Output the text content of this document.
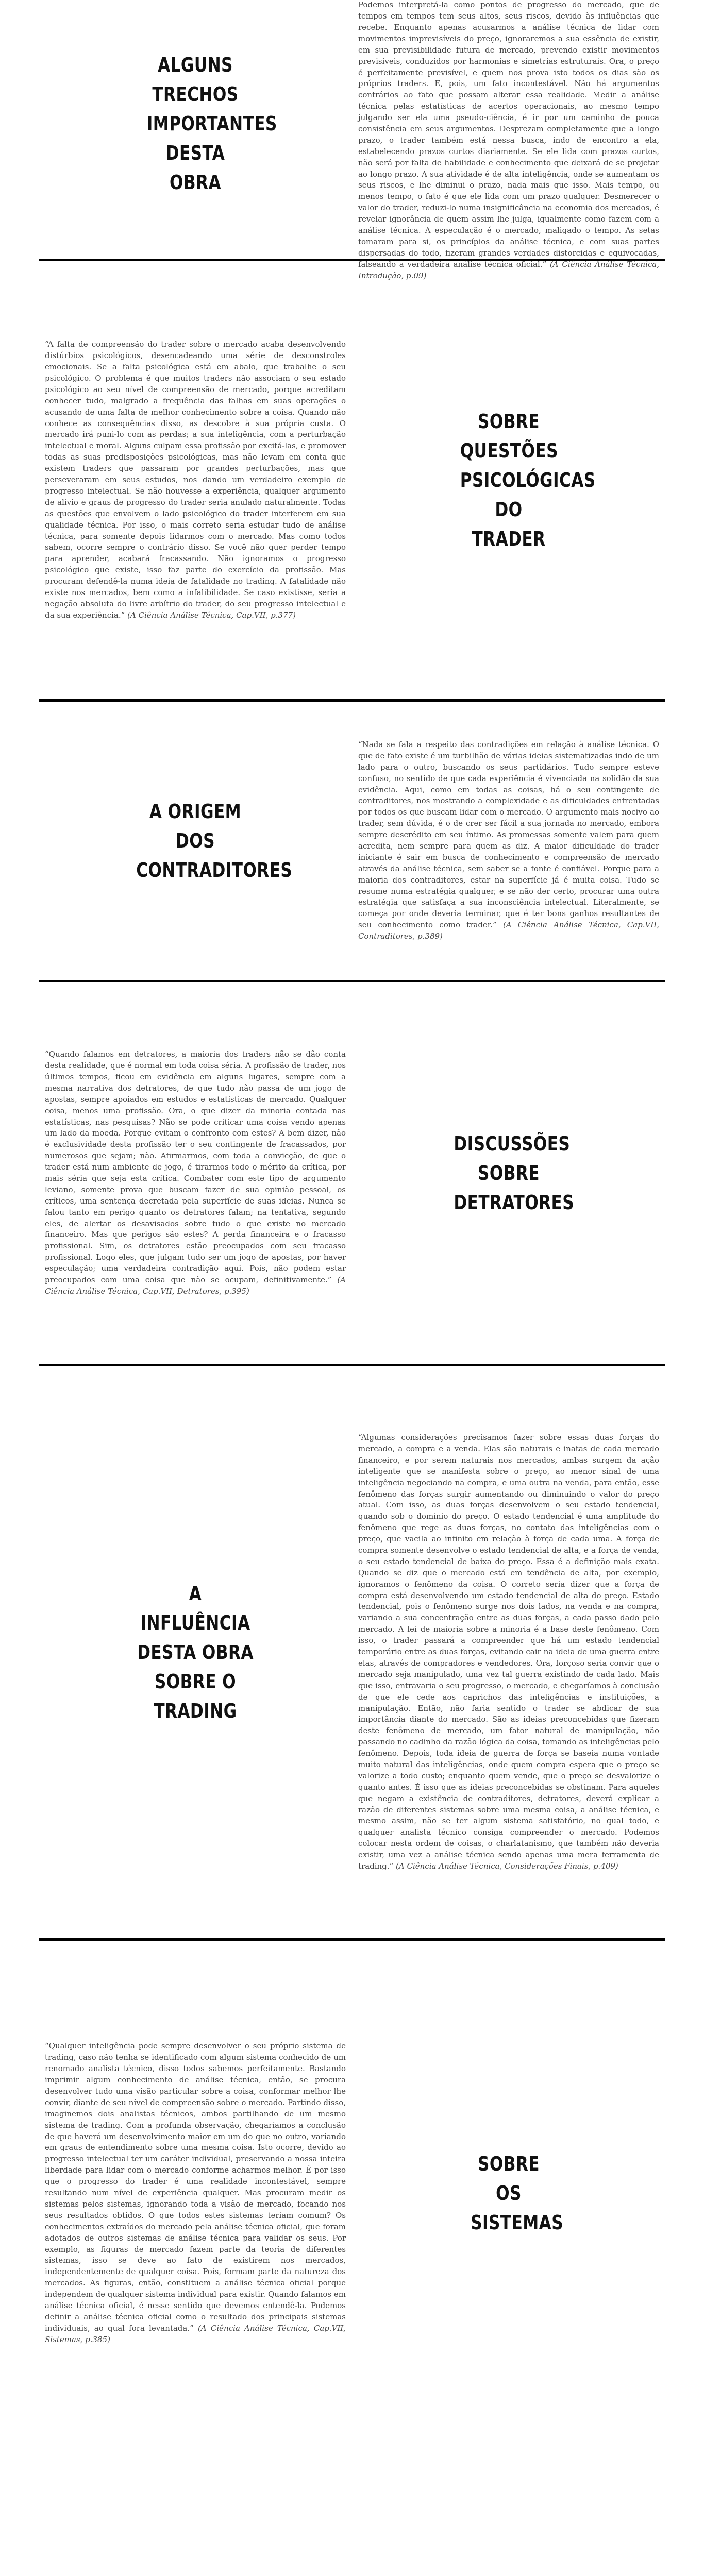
ALGUNS TRECHOS IMPORTANTES DESTA OBRA

Podemos interpretá-la como pontos de progresso do mercado, que de tempos em tempos tem seus altos, seus riscos, devido às influências que recebe. Enquanto apenas acusarmos a análise técnica de lidar com movimentos imprevisíveis do preço, ignoraremos a sua essência de existir, em sua previsibilidade futura de mercado, prevendo existir movimentos previsíveis, conduzidos por harmonias e simetrias estruturais. Ora, o preço é perfeitamente previsível, e quem nos prova isto todos os dias são os próprios traders. E, pois, um fato incontestável. Não há argumentos contrários ao fato que possam alterar essa realidade. Medir a análise técnica pelas estatísticas de acertos operacionais, ao mesmo tempo julgando ser ela uma pseudo-ciência, é ir por um caminho de pouca consistência em seus argumentos. Desprezam completamente que a longo prazo, o trader também está nessa busca, indo de encontro a ela, estabelecendo prazos curtos diariamente. Se ele lida com prazos curtos, não será por falta de habilidade e conhecimento que deixará de se projetar ao longo prazo. A sua atividade é de alta inteligência, onde se aumentam os seus riscos, e lhe diminui o prazo, nada mais que isso. Mais tempo, ou menos tempo, o fato é que ele lida com um prazo qualquer. Desmerecer o valor do trader, reduzi-lo numa insignificância na economia dos mercados, é revelar ignorância de quem assim lhe julga, igualmente como fazem com a análise técnica. A especulação é o mercado, maligado o tempo. As setas tomaram para si, os princípios da análise técnica, e com suas partes dispersadas do todo, fizeram grandes verdades distorcidas e equivocadas, falseando a verdadeira análise técnica oficial.” (A Ciência Análise Técnica, Introdução, p.09)

SOBRE QUESTÕES PSICOLÓGICAS DO TRADER

“A falta de compreensão do trader sobre o mercado acaba desenvolvendo distúrbios psicológicos, desencadeando uma série de desconstroles emocionais. Se a falta psicológica está em abalo, que trabalhe o seu psicológico. O problema é que muitos traders não associam o seu estado psicológico ao seu nível de compreensão de mercado, porque acreditam conhecer tudo, malgrado a frequência das falhas em suas operações o acusando de uma falta de melhor conhecimento sobre a coisa. Quando não conhece as consequências disso, as descobre à sua própria custa. O mercado irá puni-lo com as perdas; a sua inteligência, com a perturbação intelectual e moral. Alguns culpam essa profissão por excitá-las, e promover todas as suas predisposições psicológicas, mas não levam em conta que existem traders que passaram por grandes perturbações, mas que perseveraram em seus estudos, nos dando um verdadeiro exemplo de progresso intelectual. Se não houvesse a experiência, qualquer argumento de alívio e graus de progresso do trader seria anulado naturalmente. Todas as questões que envolvem o lado psicológico do trader interferem em sua qualidade técnica. Por isso, o mais correto seria estudar tudo de análise técnica, para somente depois lidarmos com o mercado. Mas como todos sabem, ocorre sempre o contrário disso. Se você não quer perder tempo para aprender, acabará fracassando. Não ignoramos o progresso psicológico que existe, isso faz parte do exercício da profissão. Mas procuram defendê-la numa ideia de fatalidade no trading. A fatalidade não existe nos mercados, bem como a infalibilidade. Se caso existisse, seria a negação absoluta do livre arbítrio do trader, do seu progresso intelectual e da sua experiência.” (A Ciência Análise Técnica, Cap.VII, p.377)

A ORIGEM DOS CONTRADITORES

“Nada se fala a respeito das contradições em relação à análise técnica. O que de fato existe é um turbilhão de várias ideias sistematizadas indo de um lado para o outro, buscando os seus partidários. Tudo sempre esteve confuso, no sentido de que cada experiência é vivenciada na solidão da sua evidência. Aqui, como em todas as coisas, há o seu contingente de contraditores, nos mostrando a complexidade e as dificuldades enfrentadas por todos os que buscam lidar com o mercado. O argumento mais nocivo ao trader, sem dúvida, é o de crer ser fácil a sua jornada no mercado, embora sempre descrédito em seu íntimo. As promessas somente valem para quem acredita, nem sempre para quem as diz. A maior dificuldade do trader iniciante é sair em busca de conhecimento e compreensão de mercado através da análise técnica, sem saber se a fonte é confiável. Porque para a maioria dos contraditores, estar na superfície já é muita coisa. Tudo se resume numa estratégia qualquer, e se não der certo, procurar uma outra estratégia que satisfaça a sua inconsciência intelectual. Literalmente, se começa por onde deveria terminar, que é ter bons ganhos resultantes de seu conhecimento como trader.” (A Ciência Análise Técnica, Cap.VII, Contraditores, p.389)

DISCUSSÕES SOBRE DETRATORES

“Quando falamos em detratores, a maioria dos traders não se dão conta desta realidade, que é normal em toda coisa séria. A profissão de trader, nos últimos tempos, ficou em evidência em alguns lugares, sempre com a mesma narrativa dos detratores, de que tudo não passa de um jogo de apostas, sempre apoiados em estudos e estatísticas de mercado. Qualquer coisa, menos uma profissão. Ora, o que dizer da minoria contada nas estatísticas, nas pesquisas? Não se pode criticar uma coisa vendo apenas um lado da moeda. Porque evitam o confronto com estes? A bem dizer, não é exclusividade desta profissão ter o seu contingente de fracassados, por numerosos que sejam; não. Afirmarmos, com toda a convicção, de que o trader está num ambiente de jogo, é tirarmos todo o mérito da crítica, por mais séria que seja esta crítica. Combater com este tipo de argumento leviano, somente prova que buscam fazer de sua opinião pessoal, os críticos, uma sentença decretada pela superfície de suas ideias. Nunca se falou tanto em perigo quanto os detratores falam; na tentativa, segundo eles, de alertar os desavisados sobre tudo o que existe no mercado financeiro. Mas que perigos são estes? A perda financeira e o fracasso profissional. Sim, os detratores estão preocupados com seu fracasso profissional. Logo eles, que julgam tudo ser um jogo de apostas, por haver especulação; uma verdadeira contradição aqui. Pois, não podem estar preocupados com uma coisa que não se ocupam, definitivamente.” (A Ciência Análise Técnica, Cap.VII, Detratores, p.395)

A INFLUÊNCIA DESTA OBRA SOBRE O TRADING

“Algumas considerações precisamos fazer sobre essas duas forças do mercado, a compra e a venda. Elas são naturais e inatas de cada mercado financeiro, e por serem naturais nos mercados, ambas surgem da ação inteligente que se manifesta sobre o preço, ao menor sinal de uma inteligência negociando na compra, e uma outra na venda, para então, esse fenômeno das forças surgir aumentando ou diminuindo o valor do preço atual. Com isso, as duas forças desenvolvem o seu estado tendencial, quando sob o domínio do preço. O estado tendencial é uma amplitude do fenômeno que rege as duas forças, no contato das inteligências com o preço, que vacila ao infinito em relação à força de cada uma. A força de compra somente desenvolve o estado tendencial de alta, e a força de venda, o seu estado tendencial de baixa do preço. Essa é a definição mais exata. Quando se diz que o mercado está em tendência de alta, por exemplo, ignoramos o fenômeno da coisa. O correto seria dizer que a força de compra está desenvolvendo um estado tendencial de alta do preço. Estado tendencial, pois o fenômeno surge nos dois lados, na venda e na compra, variando a sua concentração entre as duas forças, a cada passo dado pelo mercado. A lei de maioria sobre a minoria é a base deste fenômeno. Com isso, o trader passará a compreender que há um estado tendencial temporário entre as duas forças, evitando cair na ideia de uma guerra entre elas, através de compradores e vendedores. Ora, forçoso seria convir que o mercado seja manipulado, uma vez tal guerra existindo de cada lado. Mais que isso, entravaria o seu progresso, o mercado, e chegaríamos à conclusão de que ele cede aos caprichos das inteligências e instituições, a manipulação. Então, não faria sentido o trader se abdicar de sua importância diante do mercado. São as ideias preconcebidas que fizeram deste fenômeno de mercado, um fator natural de manipulação, não passando no cadinho da razão lógica da coisa, tomando as inteligências pelo fenômeno. Depois, toda ideia de guerra de força se baseia numa vontade muito natural das inteligências, onde quem compra espera que o preço se valorize a todo custo; enquanto quem vende, que o preço se desvalorize o quanto antes. É isso que as ideias preconcebidas se obstinam. Para aqueles que negam a existência de contraditores, detratores, deverá explicar a razão de diferentes sistemas sobre uma mesma coisa, a análise técnica, e mesmo assim, não se ter algum sistema satisfatório, no qual todo, e qualquer analista técnico consiga compreender o mercado. Podemos colocar nesta ordem de coisas, o charlatanismo, que também não deveria existir, uma vez a análise técnica sendo apenas uma mera ferramenta de trading.” (A Ciência Análise Técnica, Considerações Finais, p.409)

SOBRE OS SISTEMAS

“Qualquer inteligência pode sempre desenvolver o seu próprio sistema de trading, caso não tenha se identificado com algum sistema conhecido de um renomado analista técnico, disso todos sabemos perfeitamente. Bastando imprimir algum conhecimento de análise técnica, então, se procura desenvolver tudo uma visão particular sobre a coisa, conformar melhor lhe convir, diante de seu nível de compreensão sobre o mercado. Partindo disso, imaginemos dois analistas técnicos, ambos partilhando de um mesmo sistema de trading. Com a profunda observação, chegaríamos a conclusão de que haverá um desenvolvimento maior em um do que no outro, variando em graus de entendimento sobre uma mesma coisa. Isto ocorre, devido ao progresso intelectual ter um caráter individual, preservando a nossa inteira liberdade para lidar com o mercado conforme acharmos melhor. É por isso que o progresso do trader é uma realidade incontestável, sempre resultando num nível de experiência qualquer. Mas procuram medir os sistemas pelos sistemas, ignorando toda a visão de mercado, focando nos seus resultados obtidos. O que todos estes sistemas teriam comum? Os conhecimentos extraídos do mercado pela análise técnica oficial, que foram adotados de outros sistemas de análise técnica para validar os seus. Por exemplo, as figuras de mercado fazem parte da teoria de diferentes sistemas, isso se deve ao fato de existirem nos mercados, independentemente de qualquer coisa. Pois, formam parte da natureza dos mercados. As figuras, então, constituem a análise técnica oficial porque independem de qualquer sistema individual para existir. Quando falamos em análise técnica oficial, é nesse sentido que devemos entendê-la. Podemos definir a análise técnica oficial como o resultado dos principais sistemas individuais, ao qual fora levantada.” (A Ciência Análise Técnica, Cap.VII, Sistemas, p.385)
